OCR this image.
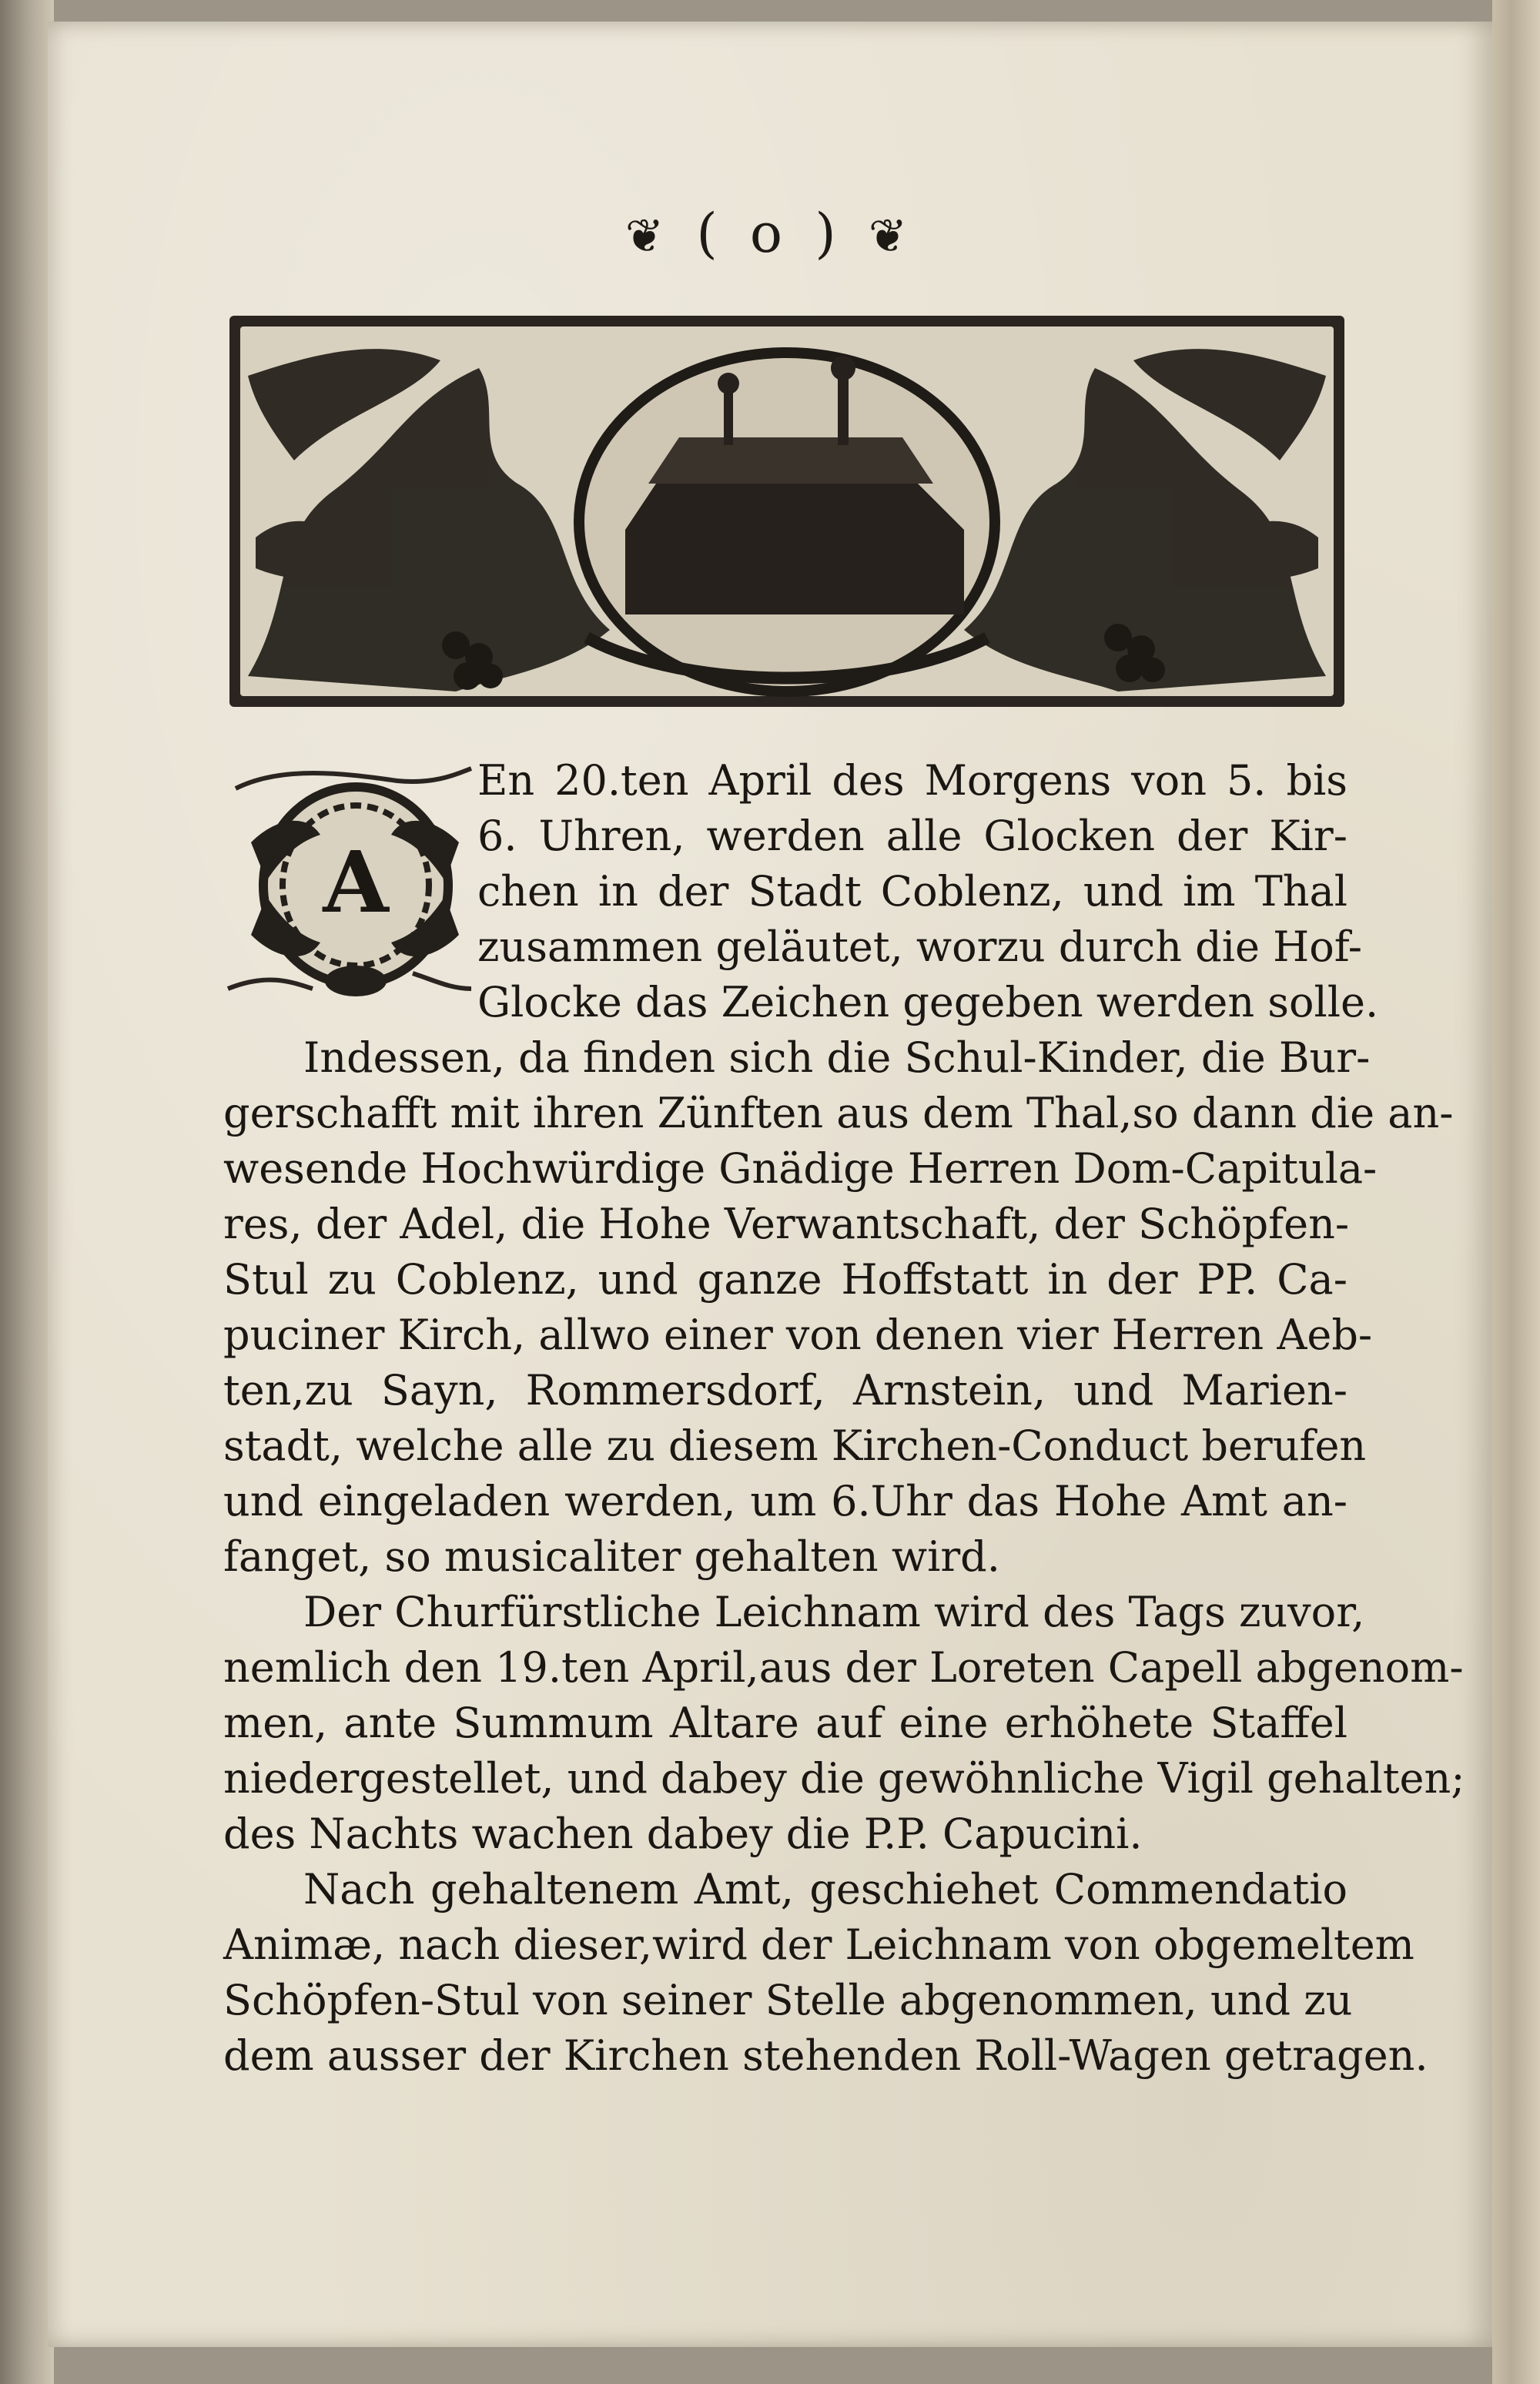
❦ ( o ) ❦
A
En 20.ten April des Morgens von 5. bis
6. Uhren, werden alle Glocken der Kir-
chen in der Stadt Coblenz, und im Thal
zusammen geläutet, worzu durch die Hof-
Glocke das Zeichen gegeben werden solle.
Indessen, da finden sich die Schul-Kinder, die Bur-
gerschafft mit ihren Zünften aus dem Thal,so dann die an-
wesende Hochwürdige Gnädige Herren Dom-Capitula-
res, der Adel, die Hohe Verwantschaft, der Schöpfen-
Stul zu Coblenz, und ganze Hoffstatt in der PP. Ca-
puciner Kirch, allwo einer von denen vier Herren Aeb-
ten,zu Sayn, Rommersdorf, Arnstein, und Marien-
stadt, welche alle zu diesem Kirchen-Conduct berufen
und eingeladen werden, um 6.Uhr das Hohe Amt an-
fanget, so musicaliter gehalten wird.
Der Churfürstliche Leichnam wird des Tags zuvor,
nemlich den 19.ten April,aus der Loreten Capell abgenom-
men, ante Summum Altare auf eine erhöhete Staffel
niedergestellet, und dabey die gewöhnliche Vigil gehalten;
des Nachts wachen dabey die P.P. Capucini.
Nach gehaltenem Amt, geschiehet Commendatio
Animæ, nach dieser,wird der Leichnam von obgemeltem
Schöpfen-Stul von seiner Stelle abgenommen, und zu
dem ausser der Kirchen stehenden Roll-Wagen getragen.
